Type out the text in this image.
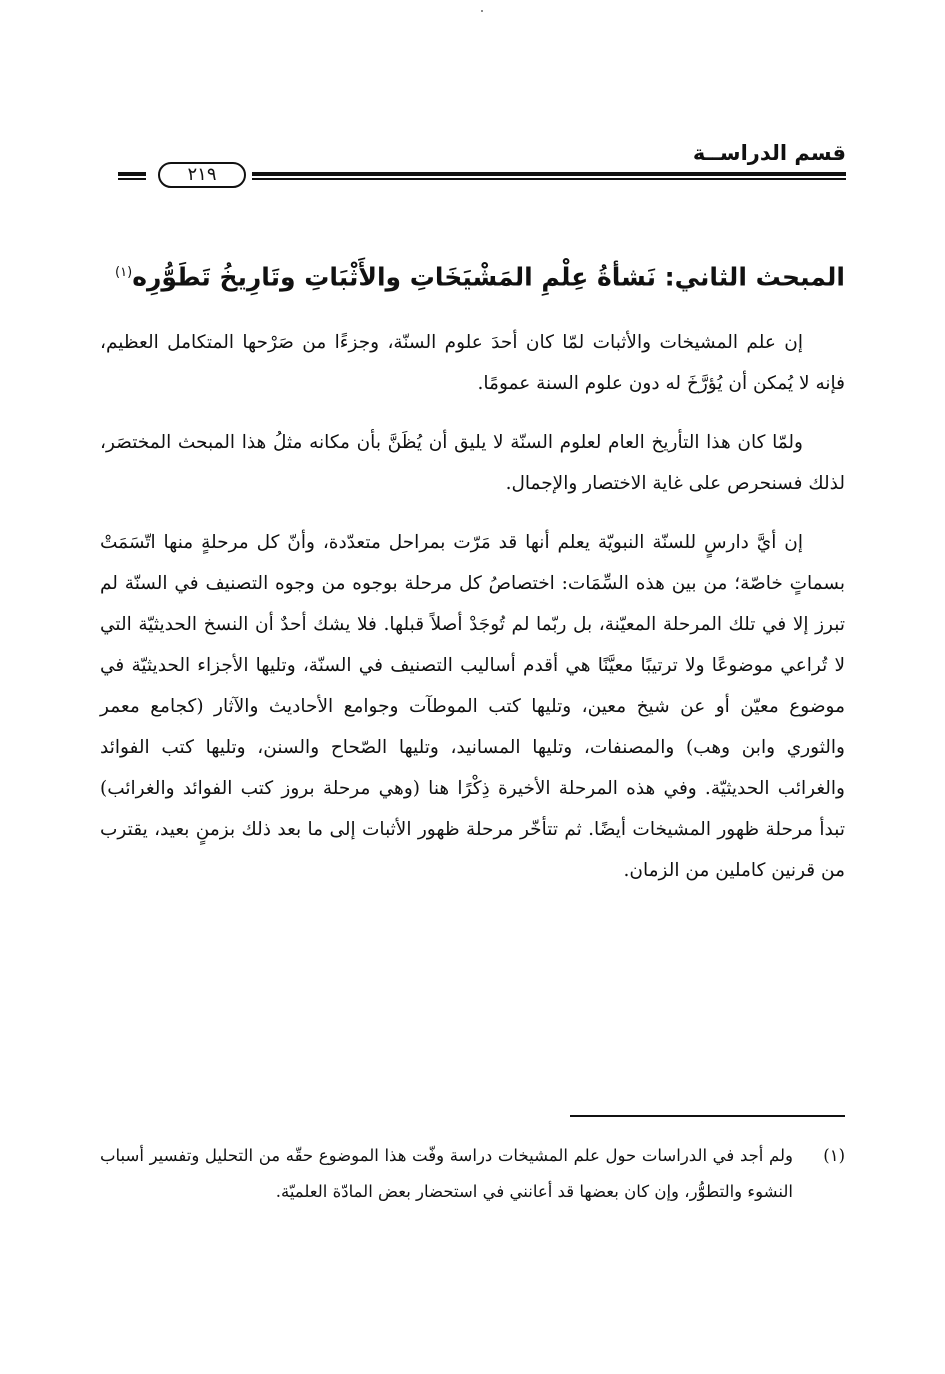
قسم الدراســة
٢١٩
المبحث الثاني: نَشأةُ عِلْمِ المَشْيَخَاتِ والأَثْبَاتِ وتَارِيخُ تَطَوُّرِه$^{(١)}$

إن علم المشيخات والأثبات لمّا كان أحدَ علوم السنّة، وجزءًا من صَرْحها المتكامل العظيم، فإنه لا يُمكن أن يُؤرَّخَ له دون علوم السنة عمومًا.

ولمّا كان هذا التأريخ العام لعلوم السنّة لا يليق أن يُظَنَّ بأن مكانه مثلُ هذا المبحث المختصَر، لذلك فسنحرص على غاية الاختصار والإجمال.

إن أيَّ دارسٍ للسنّة النبويّة يعلم أنها قد مَرّت بمراحل متعدّدة، وأنّ كل مرحلةٍ منها اتّسَمَتْ بسماتٍ خاصّة؛ من بين هذه السِّمَات: اختصاصُ كل مرحلة بوجوه من وجوه التصنيف في السنّة لم تبرز إلا في تلك المرحلة المعيّنة، بل ربّما لم تُوجَدْ أصلاً قبلها. فلا يشك أحدٌ أن النسخ الحديثيّة التي لا تُراعي موضوعًا ولا ترتيبًا معيَّنًا هي أقدم أساليب التصنيف في السنّة، وتليها الأجزاء الحديثيّة في موضوع معيّن أو عن شيخ معين، وتليها كتب الموطآت وجوامع الأحاديث والآثار (كجامع معمر والثوري وابن وهب) والمصنفات، وتليها المسانيد، وتليها الصّحاح والسنن، وتليها كتب الفوائد والغرائب الحديثيّة. وفي هذه المرحلة الأخيرة ذِكْرًا هنا (وهي مرحلة بروز كتب الفوائد والغرائب) تبدأ مرحلة ظهور المشيخات أيضًا. ثم تتأخّر مرحلة ظهور الأثبات إلى ما بعد ذلك بزمنٍ بعيد، يقترب من قرنين كاملين من الزمان.

(١)
ولم أجد في الدراسات حول علم المشيخات دراسة وفّت هذا الموضوع حقّه من التحليل وتفسير أسباب النشوء والتطوُّر، وإن كان بعضها قد أعانني في استحضار بعض المادّة العلميّة.
